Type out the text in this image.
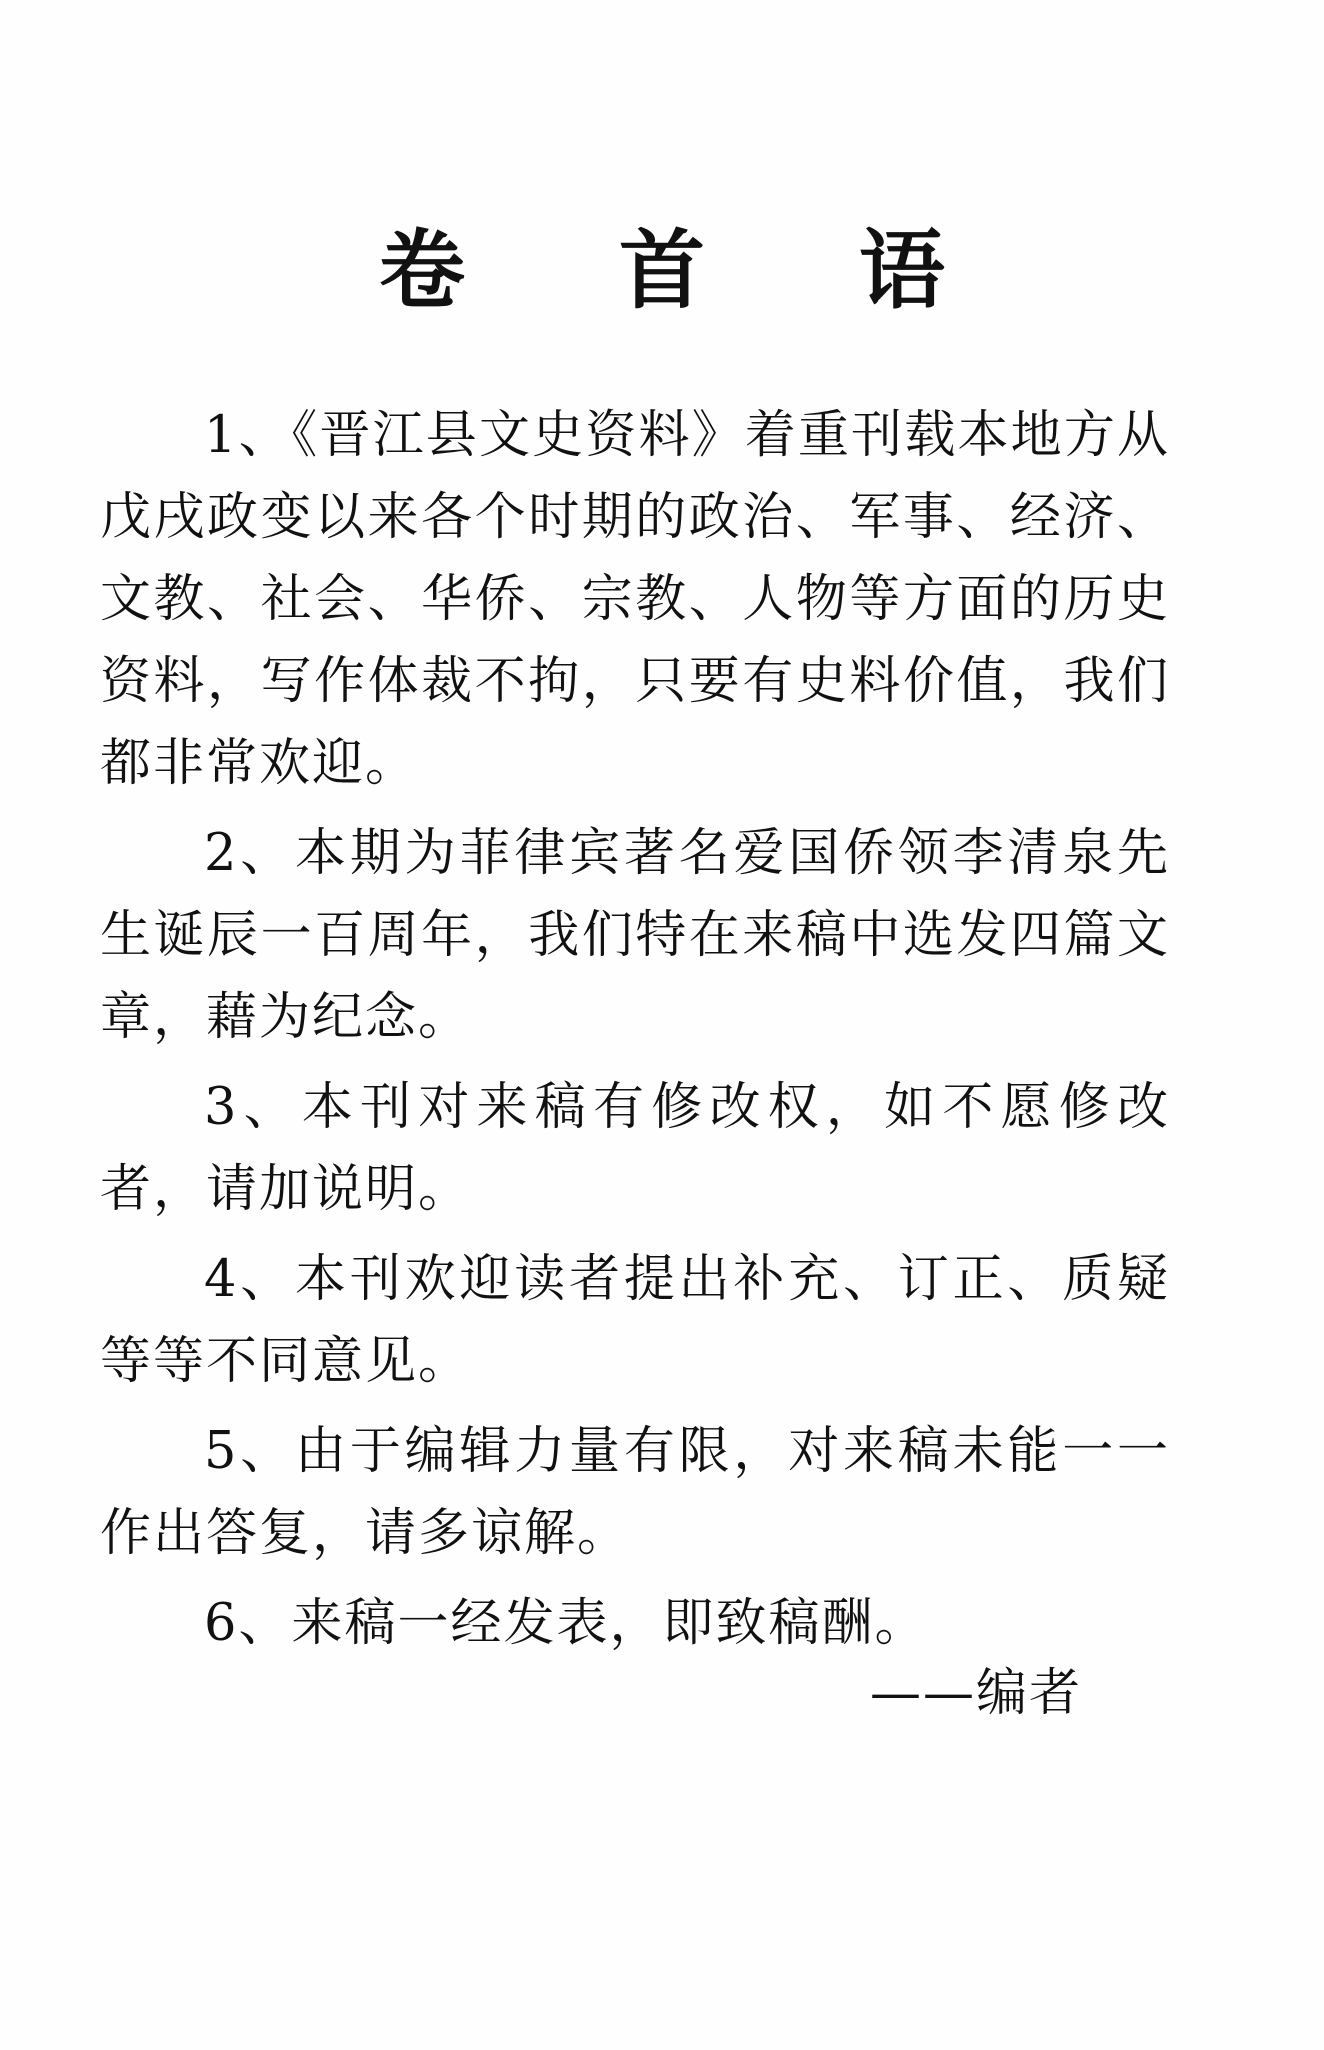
卷 首 语

1、《晋江县文史资料》着重刊载本地方从戊戌政变以来各个时期的政治、军事、经济、文教、社会、华侨、宗教、人物等方面的历史资料，写作体裁不拘，只要有史料价值，我们都非常欢迎。

2、本期为菲律宾著名爱国侨领李清泉先生诞辰一百周年，我们特在来稿中选发四篇文章，藉为纪念。

3、本刊对来稿有修改权，如不愿修改者，请加说明。

4、本刊欢迎读者提出补充、订正、质疑等等不同意见。

5、由于编辑力量有限，对来稿未能一一作出答复，请多谅解。

6、来稿一经发表，即致稿酬。

——编者
